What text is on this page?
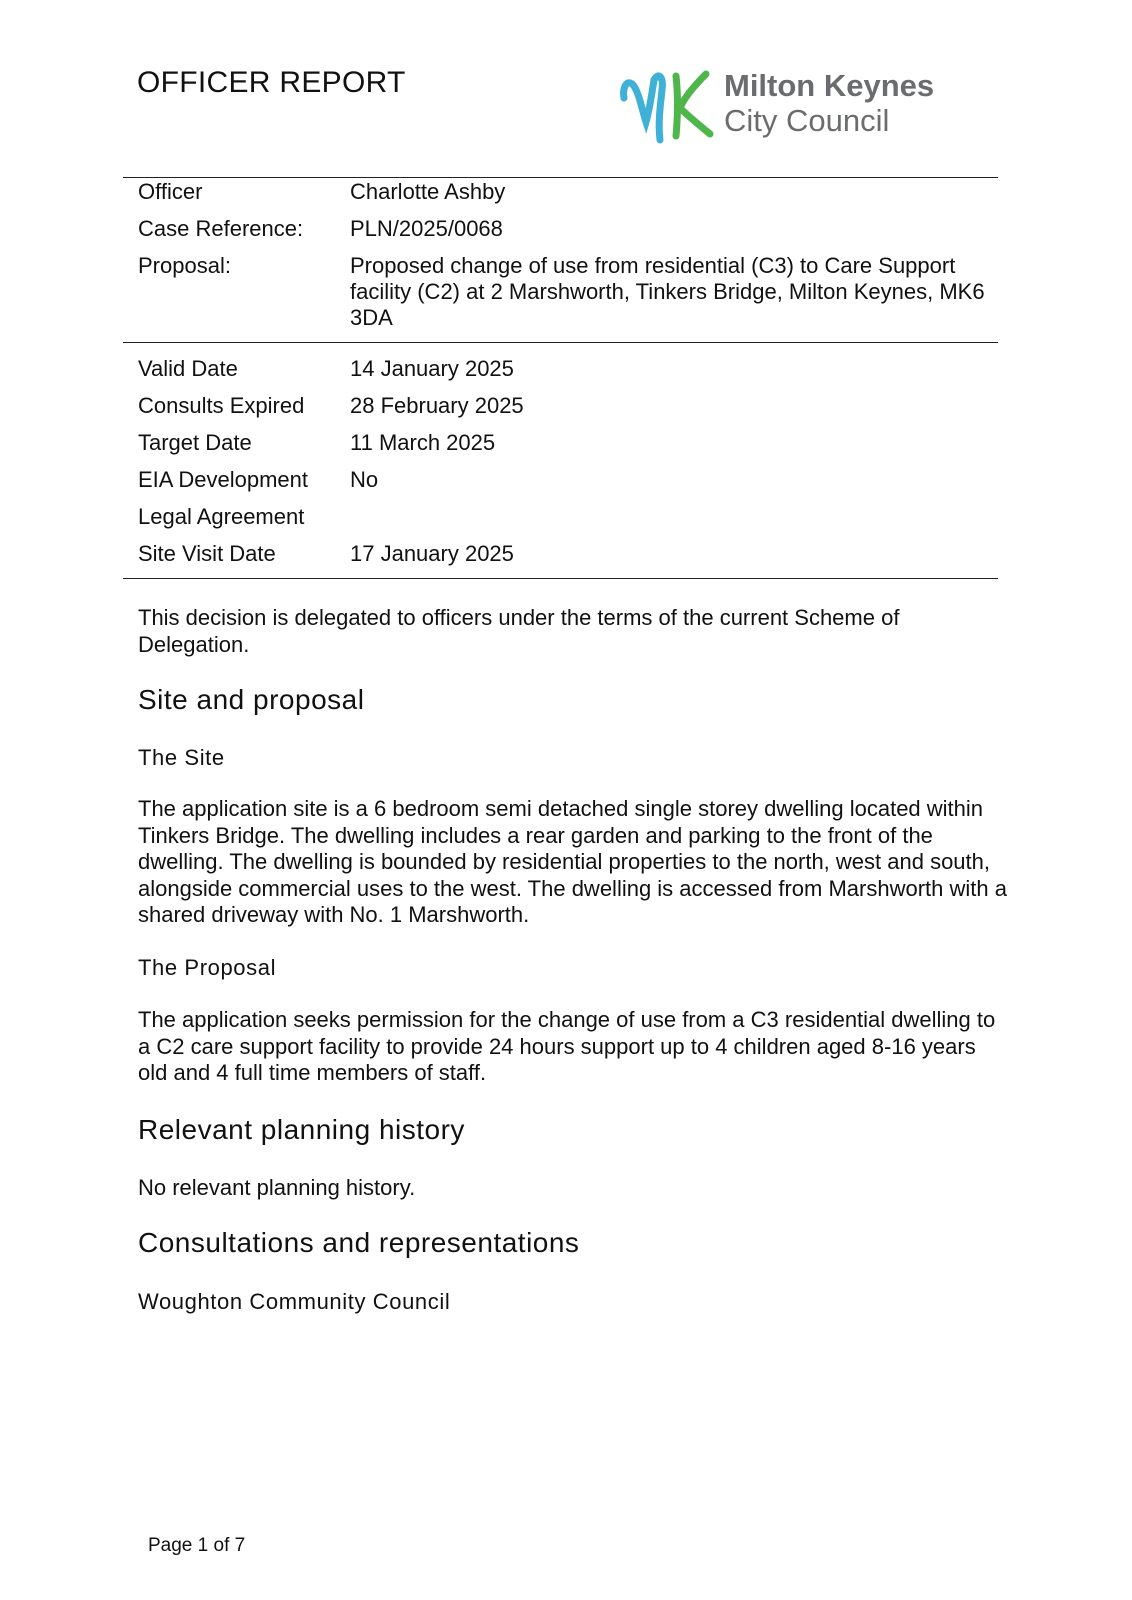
OFFICER REPORT	Milton Keynes
City Council
Officer	Charlotte Ashby
Case Reference: PLN/2025/0068
Proposal:	Proposed change of use from residential (C3) to Care Support facility (C2) at 2 Marshworth, Tinkers Bridge, Milton Keynes, MK6 3DA
Valid Date	14 January 2025
Consults Expired 28 February 2025
Target Date	11 March 2025
EIA Development No
Legal Agreement
Site Visit Date	17 January 2025
This decision is delegated to officers under the terms of the current Scheme of Delegation.
Site and proposal
The Site
The application site is a 6 bedroom semi detached single storey dwelling located within Tinkers Bridge. The dwelling includes a rear garden and parking to the front of the dwelling. The dwelling is bounded by residential properties to the north, west and south, alongside commercial uses to the west. The dwelling is accessed from Marshworth with a shared driveway with No. 1 Marshworth.
The Proposal
The application seeks permission for the change of use from a C3 residential dwelling to a C2 care support facility to provide 24 hours support up to 4 children aged 8-16 years old and 4 full time members of staff.
Relevant planning history
No relevant planning history.
Consultations and representations
Woughton Community Council
Page 1 of 7
